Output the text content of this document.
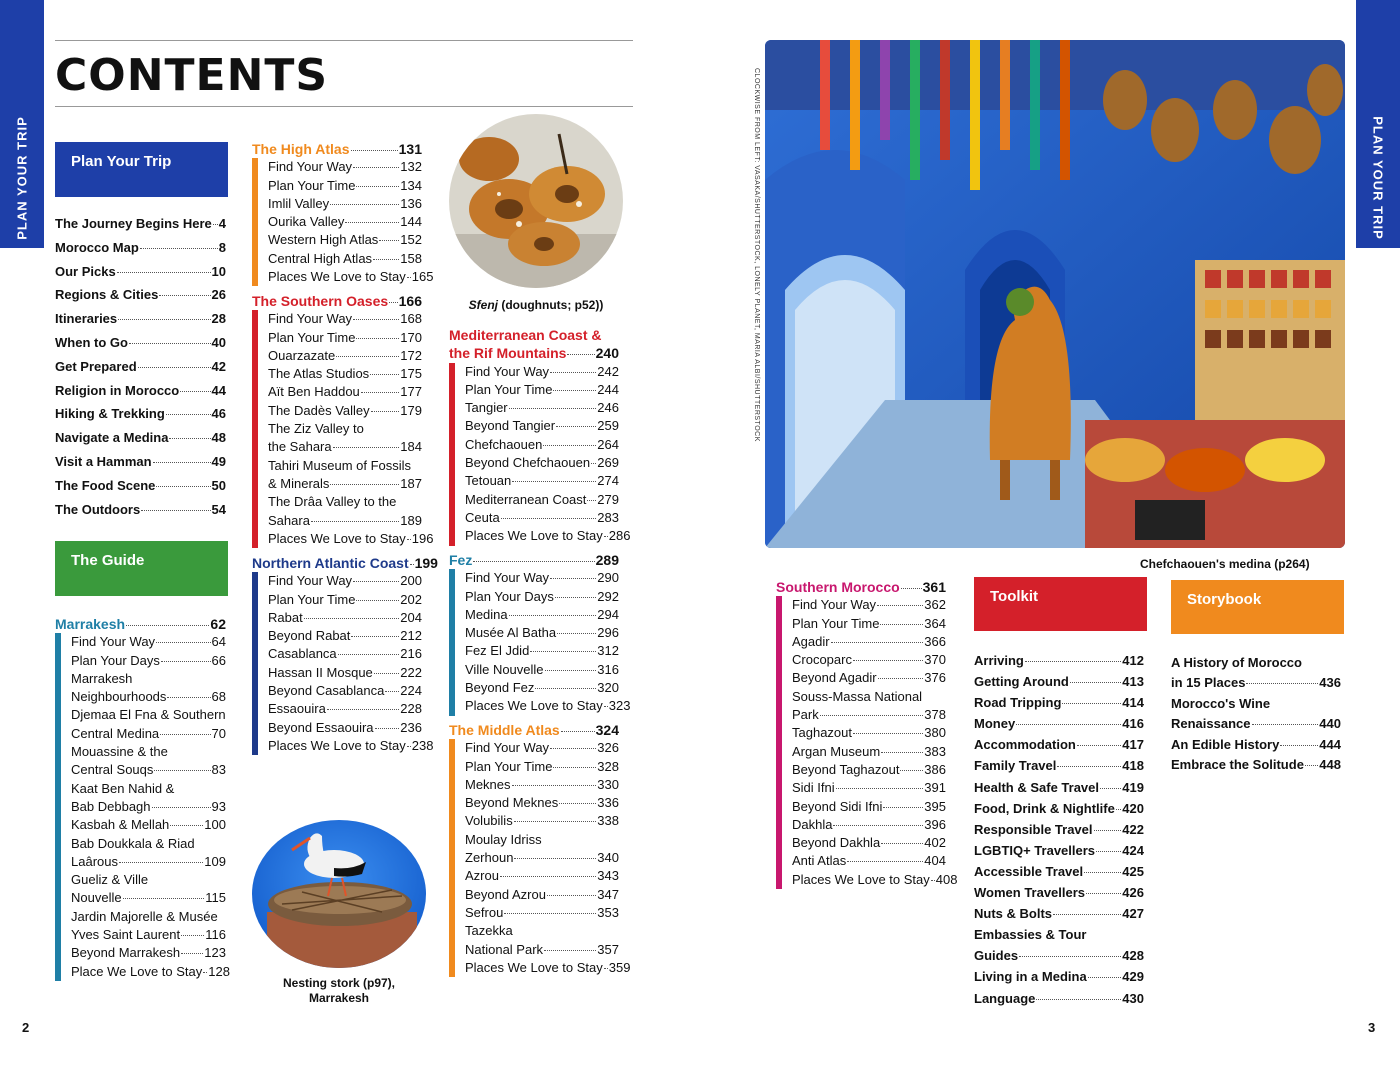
PLAN YOUR TRIP	PLAN YOUR TRIP
CONTENTS
Plan Your Trip
The Journey Begins Here 4
Morocco Map	8
Our Picks	10
Regions & Cities	26
Itineraries	28
When to Go	40
Get Prepared	42
Religion in Morocco 44
Hiking & Trekking	46
Navigate a Medina	48
Visit a Hamman	49
The Food Scene	50
The Outdoors	54
The Guide
Marrakesh	62
Find Your Way	64
Plan Your Days	66
Marrakesh
Neighbourhoods	68
Djemaa El Fna & Southern
Central Medina	70
Mouassine & the
Central Souqs	83
Kaat Ben Nahid &
Bab Debbagh	93
Kasbah & Mellah	100
Bab Doukkala & Riad
Laârous	109
Gueliz & Ville
Nouvelle	115
Jardin Majorelle & Musée
Yves Saint Laurent 116
Beyond Marrakesh 123
Place We Love to Stay 128
The High Atlas	131
Find Your Way	132
Plan Your Time	134
Imlil Valley	136
Ourika Valley	144
Western High Atlas 152
Central High Atlas 158
Places We Love to Stay 165
The Southern Oases 166
Find Your Way	168
Plan Your Time	170
Ouarzazate	172
The Atlas Studios 175
Aït Ben Haddou	177
The Dadès Valley 179
The Ziz Valley to
the Sahara	184
Tahiri Museum of Fossils
& Minerals	187
The Drâa Valley to the
Sahara	189
Places We Love to Stay 196
Northern Atlantic Coast 199
Find Your Way	200
Plan Your Time	202
Rabat	204
Beyond Rabat	212
Casablanca	216
Hassan II Mosque 222
Beyond Casablanca 224
Essaouira	228
Beyond Essaouira 236
Places We Love to Stay 238
Nesting stork (p97),
Marrakesh
Sfenj (doughnuts; p52))
Mediterranean Coast &
the Rif Mountains 240
Find Your Way	242
Plan Your Time	244
Tangier	246
Beyond Tangier	259
Chefchaouen	264
Beyond Chefchaouen 269
Tetouan	274
Mediterranean Coast 279
Ceuta	283
Places We Love to Stay 286
Fez	289
Find Your Way	290
Plan Your Days	292
Medina	294
Musée Al Batha	296
Fez El Jdid	312
Ville Nouvelle	316
Beyond Fez	320
Places We Love to Stay 323
The Middle Atlas	324
Find Your Way	326
Plan Your Time	328
Meknes	330
Beyond Meknes	336
Volubilis	338
Moulay Idriss
Zerhoun	340
Azrou	343
Beyond Azrou	347
Sefrou	353
Tazekka
National Park	357
Places We Love to Stay 359
2
CLOCKWISE FROM LEFT: VASAKA/SHUTTERSTOCK, LONELY PLANET, MARIA ALBI/SHUTTERSTOCK
Chefchaouen's medina (p264)
Southern Morocco 361
Find Your Way	362
Plan Your Time	364
Agadir	366
Crocoparc	370
Beyond Agadir	376
Souss-Massa National
Park	378
Taghazout	380
Argan Museum	383
Beyond Taghazout 386
Sidi Ifni	391
Beyond Sidi Ifni	395
Dakhla	396
Beyond Dakhla	402
Anti Atlas	404
Places We Love to Stay 408
Toolkit
Arriving	412
Getting Around	413
Road Tripping	414
Money	416
Accommodation	417
Family Travel	418
Health & Safe Travel 419
Food, Drink & Nightlife 420
Responsible Travel 422
LGBTIQ+ Travellers 424
Accessible Travel	425
Women Travellers	426
Nuts & Bolts	427
Embassies & Tour
Guides	428
Living in a Medina	429
Language	430
Storybook
A History of Morocco
in 15 Places	436
Morocco's Wine
Renaissance	440
An Edible History	444
Embrace the Solitude 448
3
